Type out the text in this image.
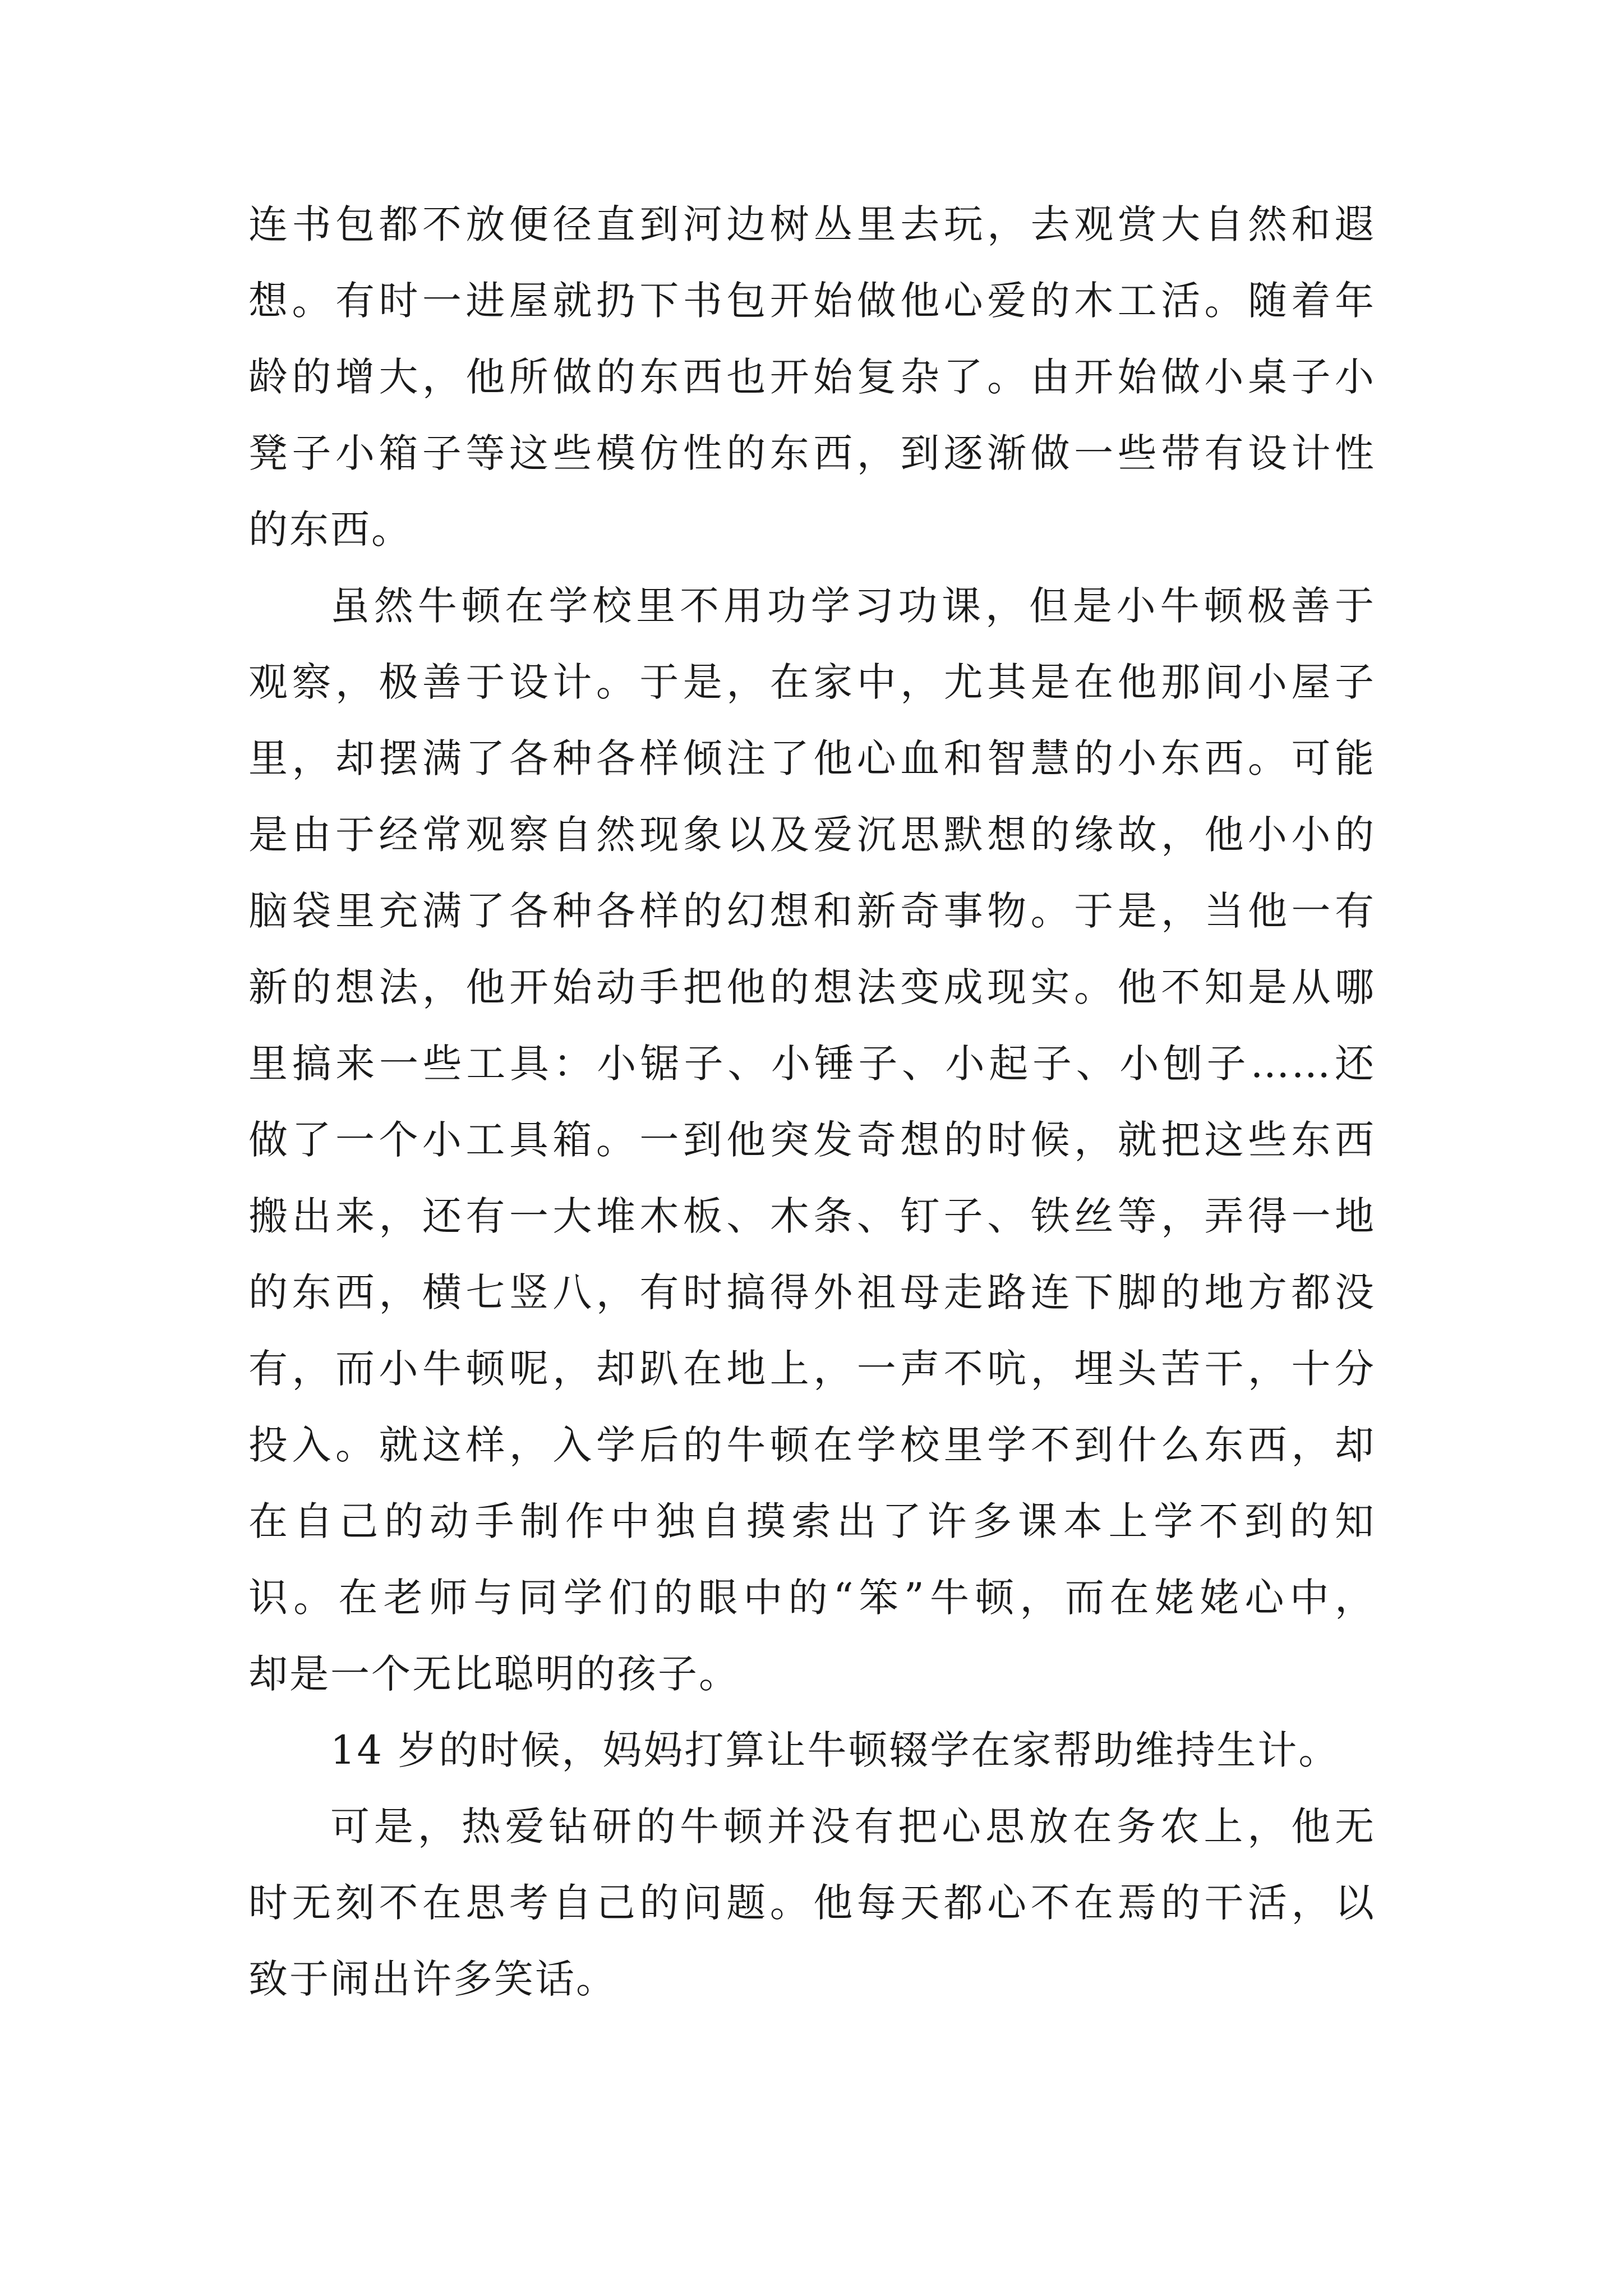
连书包都不放便径直到河边树丛里去玩，去观赏大自然和遐
想。有时一进屋就扔下书包开始做他心爱的木工活。随着年
龄的增大，他所做的东西也开始复杂了。由开始做小桌子小
凳子小箱子等这些模仿性的东西，到逐渐做一些带有设计性
的东西。
虽然牛顿在学校里不用功学习功课，但是小牛顿极善于
观察，极善于设计。于是，在家中，尤其是在他那间小屋子
里，却摆满了各种各样倾注了他心血和智慧的小东西。可能
是由于经常观察自然现象以及爱沉思默想的缘故，他小小的
脑袋里充满了各种各样的幻想和新奇事物。于是，当他一有
新的想法，他开始动手把他的想法变成现实。他不知是从哪
里搞来一些工具：小锯子、小锤子、小起子、小刨子……还
做了一个小工具箱。一到他突发奇想的时候，就把这些东西
搬出来，还有一大堆木板、木条、钉子、铁丝等，弄得一地
的东西，横七竖八，有时搞得外祖母走路连下脚的地方都没
有，而小牛顿呢，却趴在地上，一声不吭，埋头苦干，十分
投入。就这样，入学后的牛顿在学校里学不到什么东西，却
在自己的动手制作中独自摸索出了许多课本上学不到的知
识。在老师与同学们的眼中的“笨”牛顿，而在姥姥心中，
却是一个无比聪明的孩子。
14 岁的时候，妈妈打算让牛顿辍学在家帮助维持生计。
可是，热爱钻研的牛顿并没有把心思放在务农上，他无
时无刻不在思考自己的问题。他每天都心不在焉的干活，以
致于闹出许多笑话。
